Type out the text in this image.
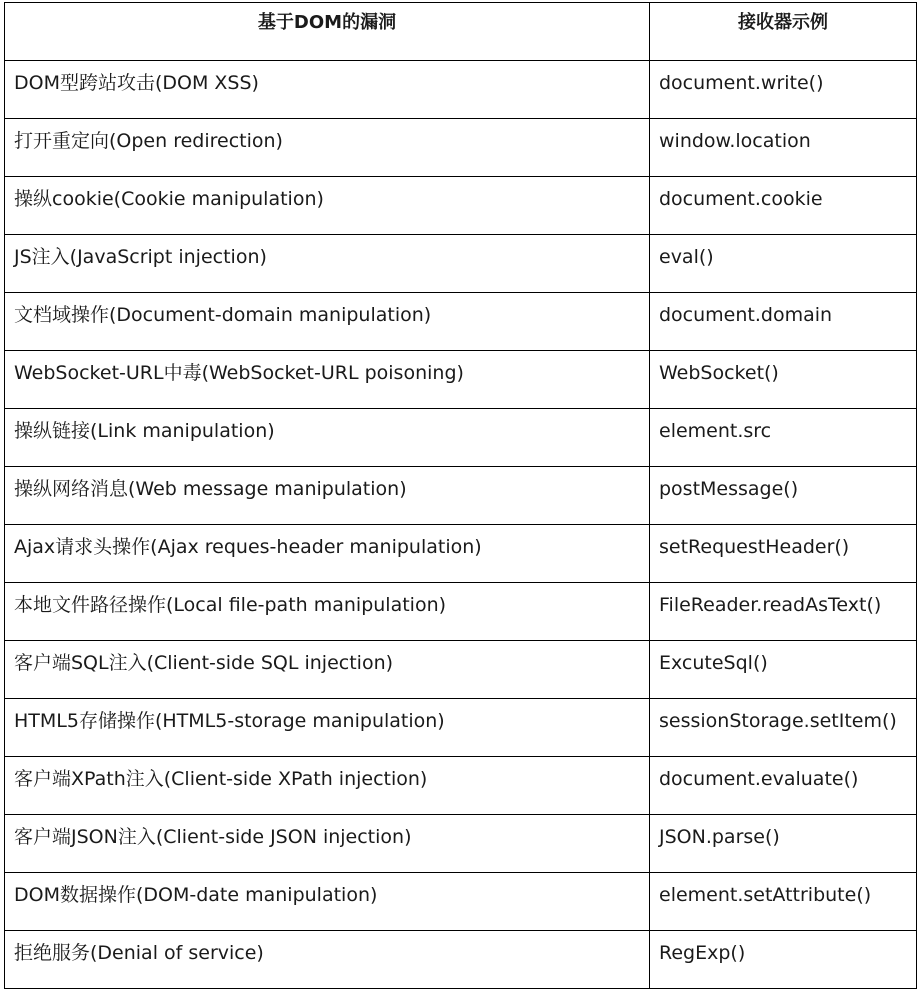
基于DOM的漏洞	接收器示例
DOM型跨站攻击(DOM XSS)	document.write()
打开重定向(Open redirection)	window.location
操纵cookie(Cookie manipulation)	document.cookie
JS注入(JavaScript injection)	eval()
文档域操作(Document-domain manipulation)	document.domain
WebSocket-URL中毒(WebSocket-URL poisoning)	WebSocket()
操纵链接(Link manipulation)	element.src
操纵网络消息(Web message manipulation)	postMessage()
Ajax请求头操作(Ajax reques-header manipulation)	setRequestHeader()
本地文件路径操作(Local file-path manipulation)	FileReader.readAsText()
客户端SQL注入(Client-side SQL injection)	ExcuteSql()
HTML5存储操作(HTML5-storage manipulation)	sessionStorage.setItem()
客户端XPath注入(Client-side XPath injection)	document.evaluate()
客户端JSON注入(Client-side JSON injection)	JSON.parse()
DOM数据操作(DOM-date manipulation)	element.setAttribute()
拒绝服务(Denial of service)	RegExp()
